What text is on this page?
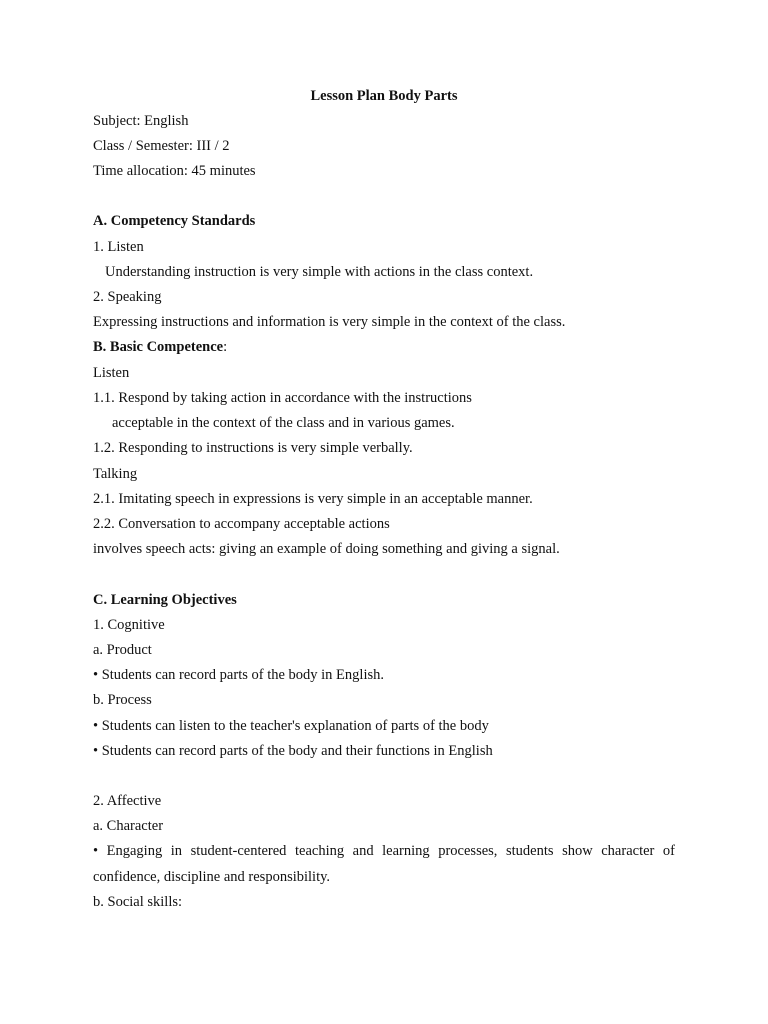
Lesson Plan Body Parts
Subject: English
Class / Semester: III / 2
Time allocation: 45 minutes
A. Competency Standards
1. Listen
Understanding instruction is very simple with actions in the class context.
2. Speaking
Expressing instructions and information is very simple in the context of the class.
B. Basic Competence:
Listen
1.1. Respond by taking action in accordance with the instructions
acceptable in the context of the class and in various games.
1.2. Responding to instructions is very simple verbally.
Talking
2.1. Imitating speech in expressions is very simple in an acceptable manner.
2.2. Conversation to accompany acceptable actions
involves speech acts: giving an example of doing something and giving a signal.
C. Learning Objectives
1. Cognitive
a. Product
• Students can record parts of the body in English.
b. Process
• Students can listen to the teacher's explanation of parts of the body
• Students can record parts of the body and their functions in English
2. Affective
a. Character
• Engaging in student-centered teaching and learning processes, students show character of
confidence, discipline and responsibility.
b. Social skills:
